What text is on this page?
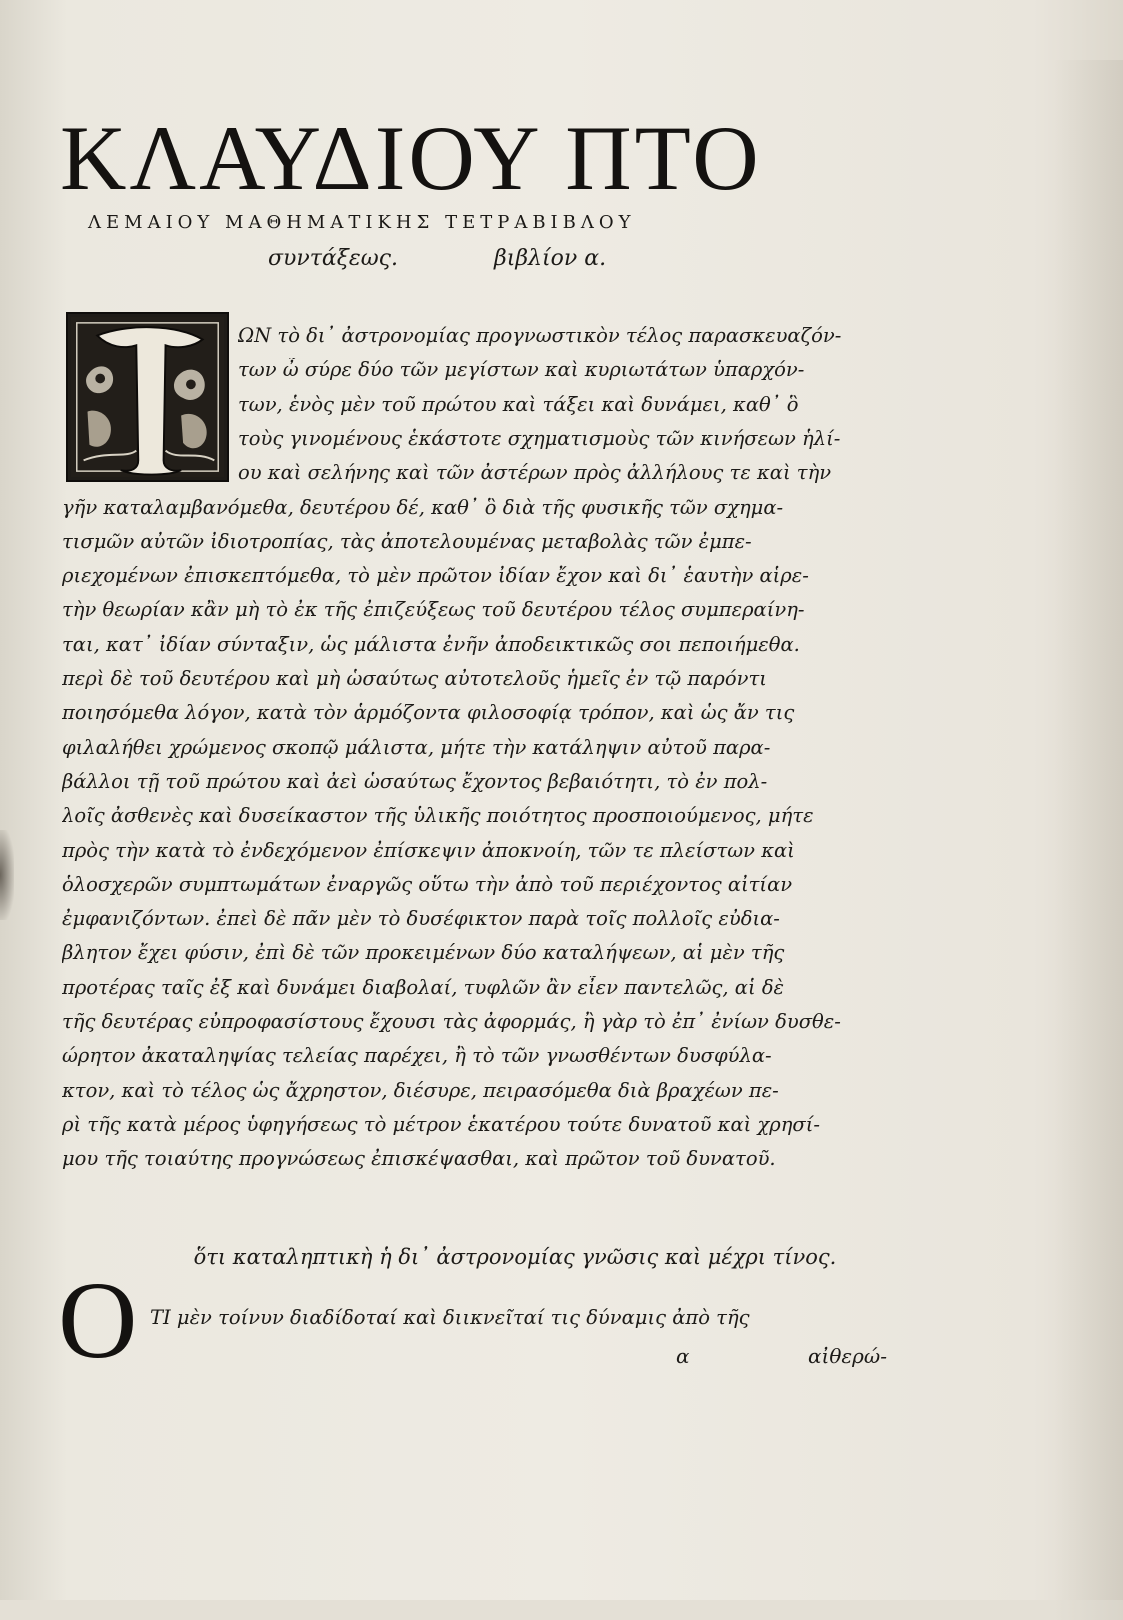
ΚΛΑΥΔΙΟΥ ΠΤΟ
ΛΕΜΑΙΟΥ ΜΑΘΗΜΑΤΙΚΗΣ ΤΕΤΡΑΒΙΒΛΟΥ
συντάξεως.	βιβλίον α.
ΩΝ τὸ δι᾽ ἀστρονομίας προγνωστικὸν τέλος παρασκευαζόν-
των ὦ σύρε δύο τῶν μεγίστων καὶ κυριωτάτων ὑπαρχόν-
των, ἑνὸς μὲν τοῦ πρώτου καὶ τάξει καὶ δυνάμει, καθ᾽ ὃ
τοὺς γινομένους ἑκάστοτε σχηματισμοὺς τῶν κινήσεων ἡλί-
ου καὶ σελήνης καὶ τῶν ἀστέρων πρὸς ἀλλήλους τε καὶ τὴν
γῆν καταλαμβανόμεθα, δευτέρου δέ, καθ᾽ ὃ διὰ τῆς φυσικῆς τῶν σχημα-
τισμῶν αὐτῶν ἰδιοτροπίας, τὰς ἀποτελουμένας μεταβολὰς τῶν ἐμπε-
ριεχομένων ἐπισκεπτόμεθα, τὸ μὲν πρῶτον ἰδίαν ἔχον καὶ δι᾽ ἑαυτὴν αἱρε-
τὴν θεωρίαν κἂν μὴ τὸ ἐκ τῆς ἐπιζεύξεως τοῦ δευτέρου τέλος συμπεραίνη-
ται, κατ᾽ ἰδίαν σύνταξιν, ὡς μάλιστα ἐνῆν ἀποδεικτικῶς σοι πεποιήμεθα.
περὶ δὲ τοῦ δευτέρου καὶ μὴ ὡσαύτως αὐτοτελοῦς ἡμεῖς ἐν τῷ παρόντι
ποιησόμεθα λόγον, κατὰ τὸν ἁρμόζοντα φιλοσοφίᾳ τρόπον, καὶ ὡς ἄν τις
φιλαλήθει χρώμενος σκοπῷ μάλιστα, μήτε τὴν κατάληψιν αὐτοῦ παρα-
βάλλοι τῇ τοῦ πρώτου καὶ ἀεὶ ὡσαύτως ἔχοντος βεβαιότητι, τὸ ἐν πολ-
λοῖς ἀσθενὲς καὶ δυσείκαστον τῆς ὑλικῆς ποιότητος προσποιούμενος, μήτε
πρὸς τὴν κατὰ τὸ ἐνδεχόμενον ἐπίσκεψιν ἀποκνοίη, τῶν τε πλείστων καὶ
ὁλοσχερῶν συμπτωμάτων ἐναργῶς οὕτω τὴν ἀπὸ τοῦ περιέχοντος αἰτίαν
ἐμφανιζόντων. ἐπεὶ δὲ πᾶν μὲν τὸ δυσέφικτον παρὰ τοῖς πολλοῖς εὐδια-
βλητον ἔχει φύσιν, ἐπὶ δὲ τῶν προκειμένων δύο καταλήψεων, αἱ μὲν τῆς
προτέρας ταῖς ἐξ καὶ δυνάμει διαβολαί, τυφλῶν ἂν εἶεν παντελῶς, αἱ δὲ
τῆς δευτέρας εὐπροφασίστους ἔχουσι τὰς ἀφορμάς, ἢ γὰρ τὸ ἐπ᾽ ἐνίων δυσθε-
ώρητον ἀκαταληψίας τελείας παρέχει, ἢ τὸ τῶν γνωσθέντων δυσφύλα-
κτον, καὶ τὸ τέλος ὡς ἄχρηστον, διέσυρε, πειρασόμεθα διὰ βραχέων πε-
ρὶ τῆς κατὰ μέρος ὑφηγήσεως τὸ μέτρον ἑκατέρου τούτε δυνατοῦ καὶ χρησί-
μου τῆς τοιαύτης προγνώσεως ἐπισκέψασθαι, καὶ πρῶτον τοῦ δυνατοῦ.
ὅτι καταληπτικὴ ἡ δι᾽ ἀστρονομίας γνῶσις καὶ μέχρι τίνος.
Ο ΤΙ μὲν τοίνυν διαδίδοταί καὶ διικνεῖταί τις δύναμις ἀπὸ τῆς
α	αἰθερώ-
